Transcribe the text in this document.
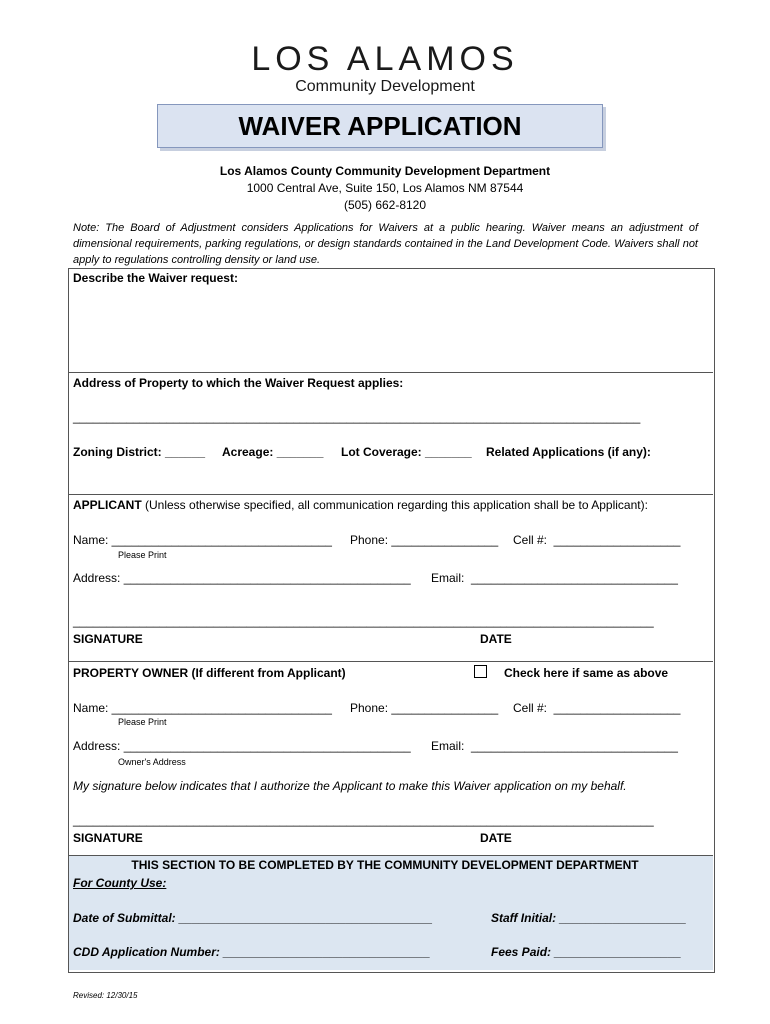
LOS ALAMOS
Community Development
WAIVER APPLICATION
Los Alamos County Community Development Department
1000 Central Ave, Suite 150, Los Alamos NM 87544
(505) 662-8120
Note: The Board of Adjustment considers Applications for Waivers at a public hearing. Waiver means an adjustment of dimensional requirements, parking regulations, or design standards contained in the Land Development Code. Waivers shall not apply to regulations controlling density or land use.
Describe the Waiver request:
Address of Property to which the Waiver Request applies:
_____________________________________________________________________________________
Zoning District: ______ Acreage: _______ Lot Coverage: _______ Related Applications (if any):
APPLICANT (Unless otherwise specified, all communication regarding this application shall be to Applicant):
Name: _________________________________ Phone: ________________ Cell #:  ___________________
Please Print
Address: ___________________________________________ Email:  _______________________________
_______________________________________________________________________________________
SIGNATURE	DATE
PROPERTY OWNER (If different from Applicant)	Check here if same as above
Name: _________________________________ Phone: ________________ Cell #:  ___________________
Please Print
Address: ___________________________________________ Email:  _______________________________
Owner's Address
My signature below indicates that I authorize the Applicant to make this Waiver application on my behalf.
_______________________________________________________________________________________
SIGNATURE	DATE
THIS SECTION TO BE COMPLETED BY THE COMMUNITY DEVELOPMENT DEPARTMENT
For County Use:
Date of Submittal: ______________________________________	Staff Initial: ___________________
CDD Application Number: _______________________________	Fees Paid: ___________________
Revised: 12/30/15
